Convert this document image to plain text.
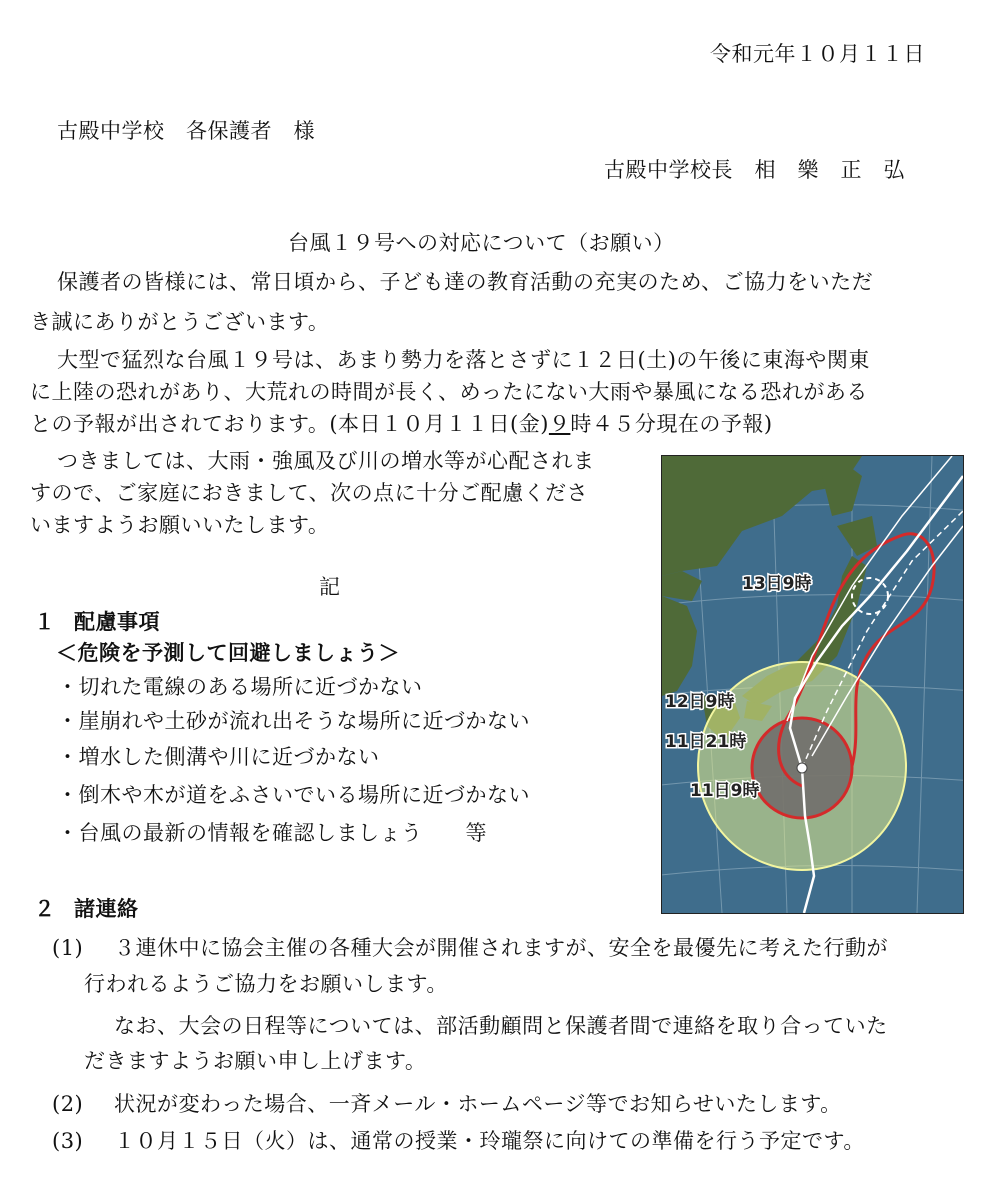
令和元年１０月１１日
古殿中学校　各保護者　様
古殿中学校長　相　樂　正　弘
台風１９号への対応について（お願い）
保護者の皆様には、常日頃から、子ども達の教育活動の充実のため、ご協力をいただ
き誠にありがとうございます。
大型で猛烈な台風１９号は、あまり勢力を落とさずに１２日(土)の午後に東海や関東
に上陸の恐れがあり、大荒れの時間が長く、めったにない大雨や暴風になる恐れがある
との予報が出されております。(本日１０月１１日(金)９時４５分現在の予報)
つきましては、大雨・強風及び川の増水等が心配されま
すので、ご家庭におきまして、次の点に十分ご配慮くださ
いますようお願いいたします。
記
１ 配慮事項
＜危険を予測して回避しましょう＞
・切れた電線のある場所に近づかない
・崖崩れや土砂が流れ出そうな場所に近づかない
・増水した側溝や川に近づかない
・倒木や木が道をふさいでいる場所に近づかない
・台風の最新の情報を確認しましょう　　等
２ 諸連絡
(1) ３連休中に協会主催の各種大会が開催されますが、安全を最優先に考えた行動が
行われるようご協力をお願いします。
なお、大会の日程等については、部活動顧問と保護者間で連絡を取り合っていた
だきますようお願い申し上げます。
(2) 状況が変わった場合、一斉メール・ホームページ等でお知らせいたします。
(3) １０月１５日（火）は、通常の授業・玲瓏祭に向けての準備を行う予定です。
13日9時
12日9時
11日21時
11日9時
